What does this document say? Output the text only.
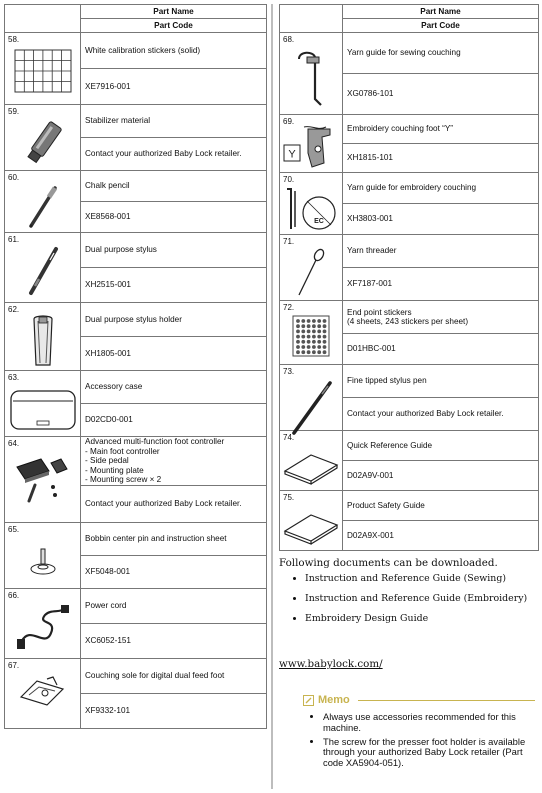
	Part Name
	Part Code

58.	White calibration stickers (solid)
	XE7916-001

59.	Stabilizer material
	Contact your authorized Baby Lock retailer.

60.	Chalk pencil
	XE8568-001

61.	Dual purpose stylus
	XH2515-001

62.	Dual purpose stylus holder
	XH1805-001

63.	Accessory case
	D02CD0-001

64.	Advanced multi-function foot controller
- Main foot controller
- Side pedal
- Mounting plate
- Mounting screw × 2

	Contact your authorized Baby Lock retailer.

65.	Bobbin center pin and instruction sheet
	XF5048-001

66.	Power cord
	XC6052-151

67.	Couching sole for digital dual feed foot
	XF9332-101
	Part Name
	Part Code

68.	Yarn guide for sewing couching
	XG0786-101

69.
Y	Embroidery couching foot “Y”
	XH1815-101

70.
EC	Yarn guide for embroidery couching
	XH3803-001

71.	Yarn threader
	XF7187-001

72.	End point stickers
(4 sheets, 243 stickers per sheet)

	D01HBC-001

73.	Fine tipped stylus pen
	Contact your authorized Baby Lock retailer.

74.	Quick Reference Guide
	D02A9V-001

75.	Product Safety Guide
	D02A9X-001

Following documents can be downloaded.

• Instruction and Reference Guide (Sewing)
• Instruction and Reference Guide (Embroidery)
• Embroidery Design Guide
www.babylock.com/
Memo
• Always use accessories recommended for this machine.
• The screw for the presser foot holder is available through your authorized Baby Lock retailer (Part code XA5904-051).
